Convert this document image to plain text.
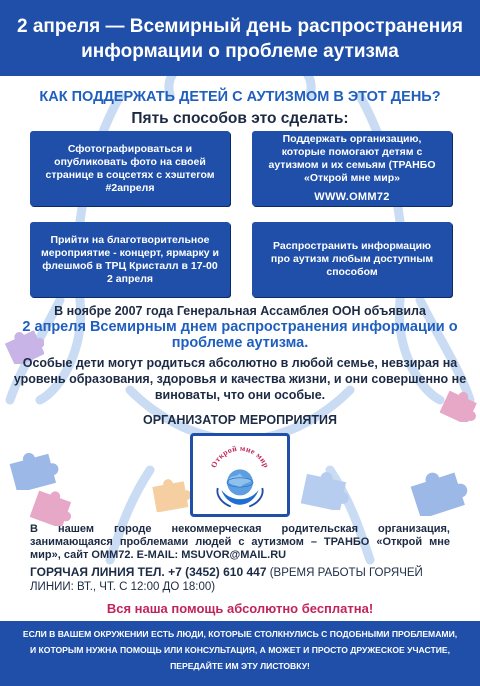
2 апреля — Всемирный день распространения
информации о проблеме аутизма
КАК ПОДДЕРЖАТЬ ДЕТЕЙ С АУТИЗМОМ В ЭТОТ ДЕНЬ?
Пять способов это сделать:
Сфотографироваться и опубликовать фото на своей странице в соцсетях с хэштегом #2апреля
Поддержать организацию, которые помогают детям с аутизмом и их семьям (ТРАНБО «Открой мне мир»
WWW.OMM72
Прийти на благотворительное мероприятие - концерт, ярмарку и флешмоб в ТРЦ Кристалл в 17-00 2 апреля
Распространить информацию про аутизм любым доступным способом
В ноябре 2007 года Генеральная Ассамблея ООН объявила
2 апреля Всемирным днем распространения информации о проблеме аутизма.
Особые дети могут родиться абсолютно в любой семье, невзирая на уровень образования, здоровья и качества жизни, и они совершенно не виноваты, что они особые.
ОРГАНИЗАТОР МЕРОПРИЯТИЯ
Открой мне мир
В нашем городе некоммерческая родительская организация, занимающаяся проблемами людей с аутизмом – ТРАНБО «Открой мне мир», сайт OMM72. E-MAIL: MSUVOR@MAIL.RU
ГОРЯЧАЯ ЛИНИЯ ТЕЛ. +7 (3452) 610 447 (ВРЕМЯ РАБОТЫ ГОРЯЧЕЙ ЛИНИИ: ВТ., ЧТ. С 12:00 ДО 18:00)
Вся наша помощь абсолютно бесплатна!
ЕСЛИ В ВАШЕМ ОКРУЖЕНИИ ЕСТЬ ЛЮДИ, КОТОРЫЕ СТОЛКНУЛИСЬ С ПОДОБНЫМИ ПРОБЛЕМАМИ,
И КОТОРЫМ НУЖНА ПОМОЩЬ ИЛИ КОНСУЛЬТАЦИЯ, А МОЖЕТ И ПРОСТО ДРУЖЕСКОЕ УЧАСТИЕ,
ПЕРЕДАЙТЕ ИМ ЭТУ ЛИСТОВКУ!
